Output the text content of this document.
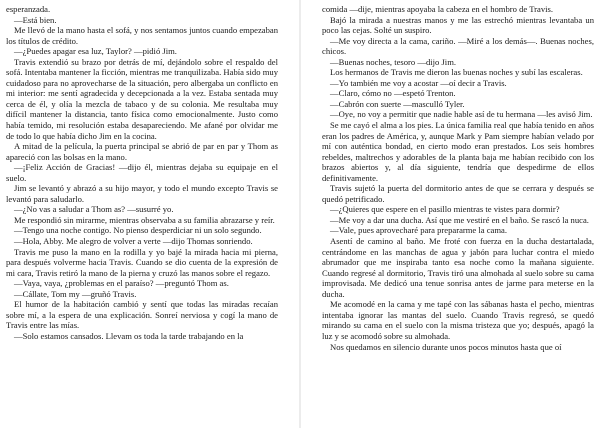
esperanzada.

—Está bien.

Me llevó de la mano hasta el sofá, y nos sentamos juntos cuando empezaban los títulos de crédito.

—¿Puedes apagar esa luz, Taylor? —pidió Jim.

Travis extendió su brazo por detrás de mí, dejándolo sobre el respaldo del sofá. Intentaba mantener la ficción, mientras me tranquilizaba. Había sido muy cuidadoso para no aprovecharse de la situación, pero albergaba un conflicto en mi interior: me sentí agradecida y decepcionada a la vez. Estaba sentada muy cerca de él, y olía la mezcla de tabaco y de su colonia. Me resultaba muy difícil mantener la distancia, tanto física como emocionalmente. Justo como había temido, mi resolución estaba desapareciendo. Me afané por olvidar me de todo lo que había dicho Jim en la cocina.

A mitad de la película, la puerta principal se abrió de par en par y Thom as apareció con las bolsas en la mano.

—¡Feliz Acción de Gracias! —dijo él, mientras dejaba su equipaje en el suelo.

Jim se levantó y abrazó a su hijo mayor, y todo el mundo excepto Travis se levantó para saludarlo.

—¿No vas a saludar a Thom as? —susurré yo.

Me respondió sin mirarme, mientras observaba a su familia abrazarse y reír.

—Tengo una noche contigo. No pienso desperdiciar ni un solo segundo.

—Hola, Abby. Me alegro de volver a verte —dijo Thomas sonriendo.

Travis me puso la mano en la rodilla y yo bajé la mirada hacia mi pierna, para después volverme hacia Travis. Cuando se dio cuenta de la expresión de mi cara, Travis retiró la mano de la pierna y cruzó las manos sobre el regazo.

—Vaya, vaya, ¿problemas en el paraíso? —preguntó Thom as.

—Cállate, Tom my —gruñó Travis.

El humor de la habitación cambió y sentí que todas las miradas recaían sobre mí, a la espera de una explicación. Sonreí nerviosa y cogí la mano de Travis entre las mías.

—Solo estamos cansados. Llevam os toda la tarde trabajando en la

comida —dije, mientras apoyaba la cabeza en el hombro de Travis.

Bajó la mirada a nuestras manos y me las estrechó mientras levantaba un poco las cejas. Solté un suspiro.

—Me voy directa a la cama, cariño. —Miré a los demás—. Buenas noches, chicos.

—Buenas noches, tesoro —dijo Jim.

Los hermanos de Travis me dieron las buenas noches y subí las escaleras.

—Yo también me voy a acostar —oí decir a Travis.

—Claro, cómo no —espetó Trenton.

—Cabrón con suerte —masculló Tyler.

—Oye, no voy a permitir que nadie hable así de tu hermana —les avisó Jim.

Se me cayó el alma a los pies. La única familia real que había tenido en años eran los padres de América, y, aunque Mark y Pam siempre habían velado por mí con auténtica bondad, en cierto modo eran prestados. Los seis hombres rebeldes, maltrechos y adorables de la planta baja me habían recibido con los brazos abiertos y, al día siguiente, tendría que despedirme de ellos definitivamente.

Travis sujetó la puerta del dormitorio antes de que se cerrara y después se quedó petrificado.

—¿Quieres que espere en el pasillo mientras te vistes para dormir?

—Me voy a dar una ducha. Así que me vestiré en el baño. Se rascó la nuca.

—Vale, pues aprovecharé para prepararme la cama.

Asentí de camino al baño. Me froté con fuerza en la ducha destartalada, centrándome en las manchas de agua y jabón para luchar contra el miedo abrumador que me inspiraba tanto esa noche como la mañana siguiente. Cuando regresé al dormitorio, Travis tiró una almohada al suelo sobre su cama improvisada. Me dedicó una tenue sonrisa antes de jarme para meterse en la ducha.

Me acomodé en la cama y me tapé con las sábanas hasta el pecho, mientras intentaba ignorar las mantas del suelo. Cuando Travis regresó, se quedó mirando su cama en el suelo con la misma tristeza que yo; después, apagó la luz y se acomodó sobre su almohada.

Nos quedamos en silencio durante unos pocos minutos hasta que oí
